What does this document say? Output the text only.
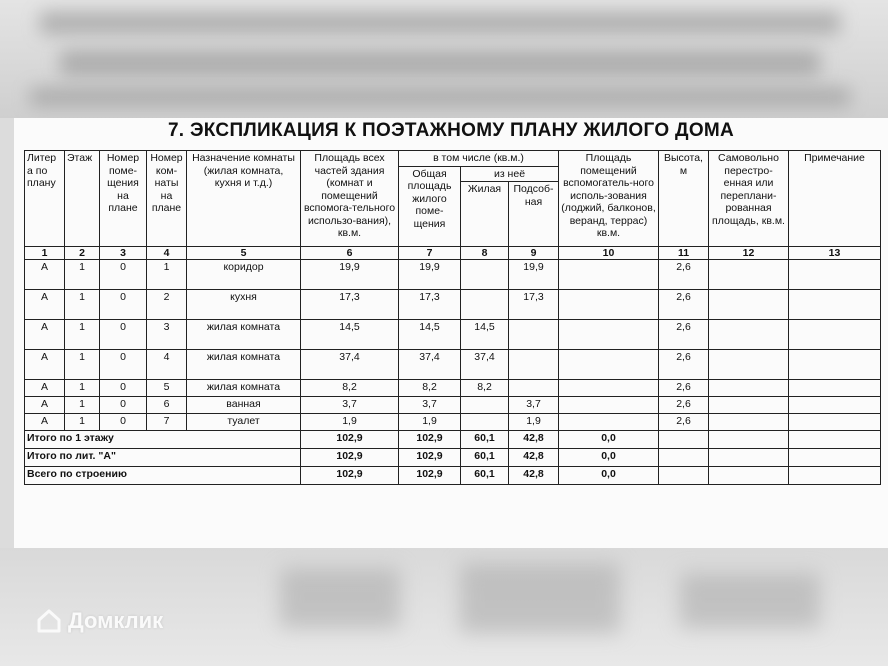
7. ЭКСПЛИКАЦИЯ К ПОЭТАЖНОМУ ПЛАНУ ЖИЛОГО ДОМА
Литер а по плану	Этаж	Номер поме-щения на плане	Номер ком-наты на плане	Назначение комнаты (жилая комната, кухня и т.д.)	Площадь всех частей здания (комнат и помещений вспомога-тельного использо-вания), кв.м.	в том числе (кв.м.)			Площадь помещений вспомогатель-ного исполь-зования (лоджий, балконов, веранд, террас) кв.м.	Высота, м	Самовольно перестро-енная или переплани-рованная площадь, кв.м.	Примечание
						Общая площадь жилого поме-щения	из неё					
							Жилая	Подсоб-ная				
1	2	3	4	5	6	7	8	9	10	11	12	13
А	1	0	1	коридор	19,9	19,9		19,9		2,6		
А	1	0	2	кухня	17,3	17,3		17,3		2,6		
А	1	0	3	жилая комната	14,5	14,5	14,5			2,6		
А	1	0	4	жилая комната	37,4	37,4	37,4			2,6		
А	1	0	5	жилая комната	8,2	8,2	8,2			2,6		
А	1	0	6	ванная	3,7	3,7		3,7		2,6		
А	1	0	7	туалет	1,9	1,9		1,9		2,6		
Итого по 1 этажу					102,9	102,9	60,1	42,8	0,0			
Итого по лит. "А"					102,9	102,9	60,1	42,8	0,0			
Всего по строению					102,9	102,9	60,1	42,8	0,0			
Домклик
